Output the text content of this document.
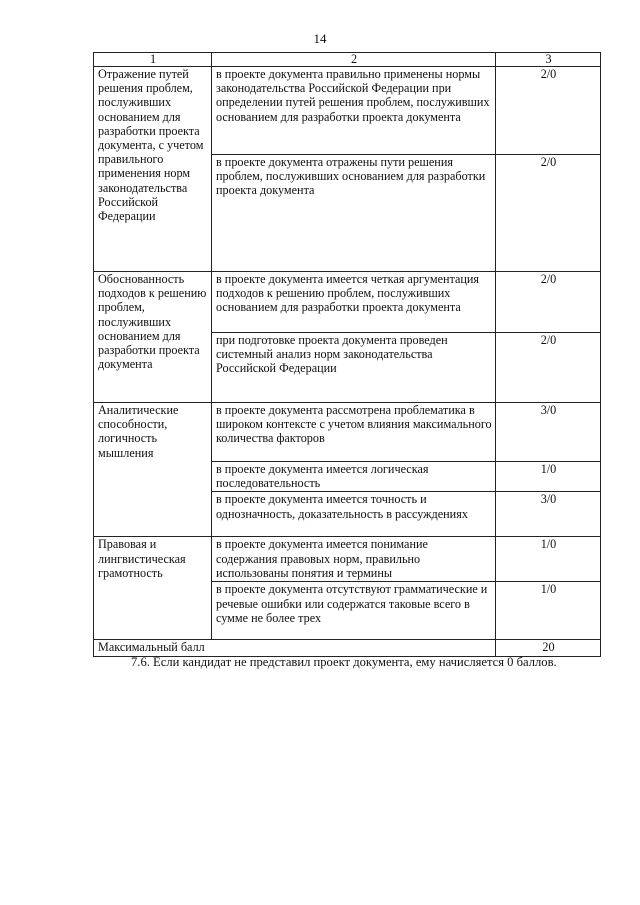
14
1	2	3
Отражение путей решения проблем, послуживших основанием для разработки проекта документа, с учетом правильного применения норм законодательства Российской Федерации	в проекте документа правильно применены нормы законодательства Российской Федерации при определении путей решения проблем, послуживших основанием для разработки проекта документа	2/0
	в проекте документа отражены пути решения проблем, послуживших основанием для разработки проекта документа	2/0
Обоснованность подходов к решению проблем, послуживших основанием для разработки проекта документа	в проекте документа имеется четкая аргументация подходов к решению проблем, послуживших основанием для разработки проекта документа	2/0
	при подготовке проекта документа проведен системный анализ норм законодательства Российской Федерации	2/0
Аналитические способности, логичность мышления	в проекте документа рассмотрена проблематика в широком контексте с учетом влияния максимального количества факторов	3/0
	в проекте документа имеется логическая последовательность	1/0
	в проекте документа имеется точность и однозначность, доказательность в рассуждениях	3/0
Правовая и лингвистическая грамотность	в проекте документа имеется понимание содержания правовых норм, правильно использованы понятия и термины	1/0
	в проекте документа отсутствуют грамматические и речевые ошибки или содержатся таковые всего в сумме не более трех	1/0
Максимальный балл		20

7.6. Если кандидат не представил проект документа, ему начисляется 0 баллов.
